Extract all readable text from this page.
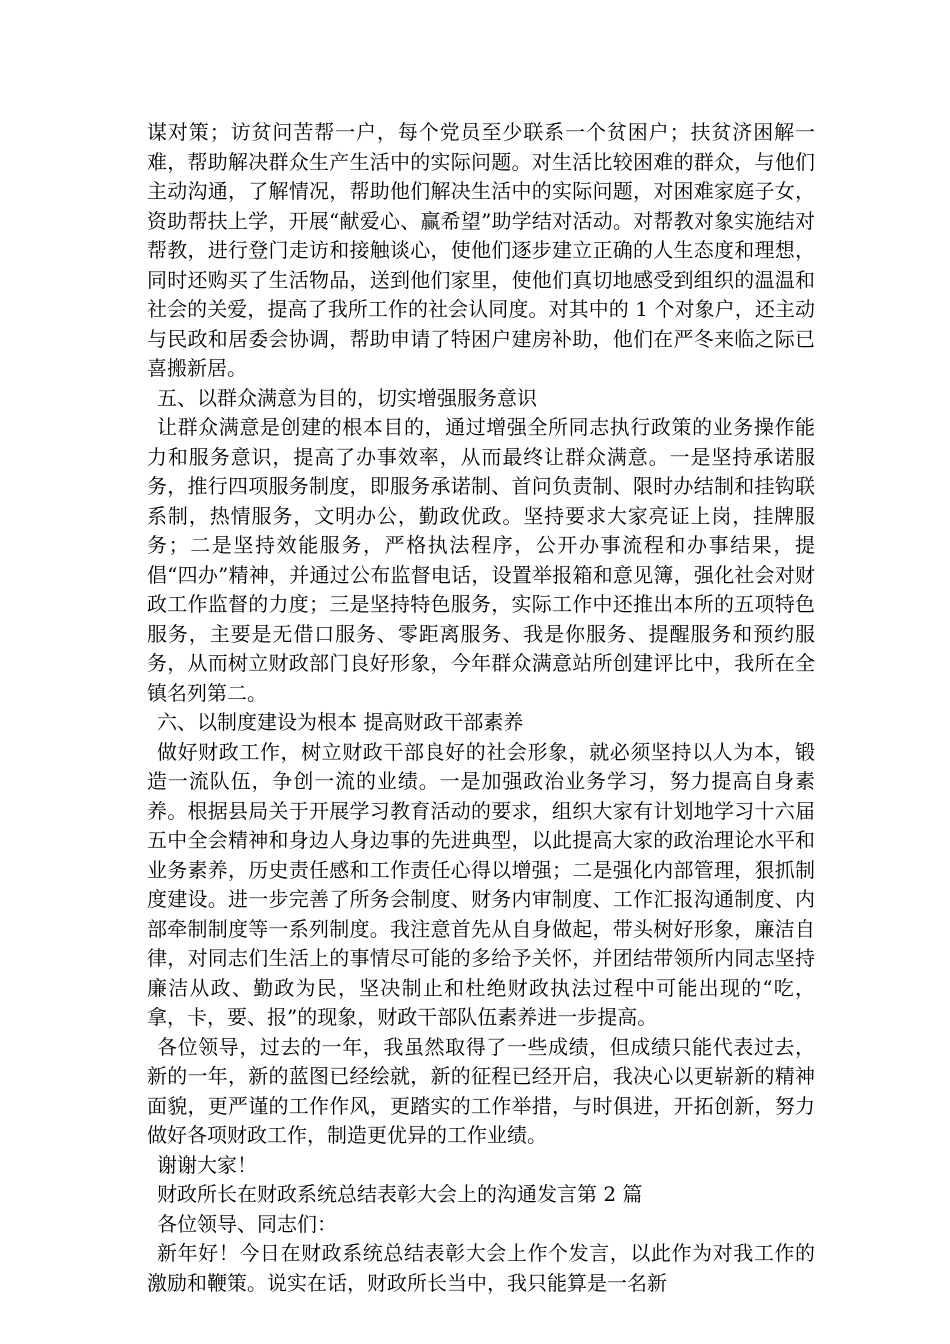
谋对策；访贫问苦帮一户，每个党员至少联系一个贫困户；扶贫济困解一难，帮助解决群众生产生活中的实际问题。对生活比较困难的群众，与他们主动沟通，了解情况，帮助他们解决生活中的实际问题，对困难家庭子女，资助帮扶上学，开展“献爱心、赢希望”助学结对活动。对帮教对象实施结对帮教，进行登门走访和接触谈心，使他们逐步建立正确的人生态度和理想，同时还购买了生活物品，送到他们家里，使他们真切地感受到组织的温温和社会的关爱，提高了我所工作的社会认同度。对其中的 1 个对象户，还主动与民政和居委会协调，帮助申请了特困户建房补助，他们在严冬来临之际已喜搬新居。

五、以群众满意为目的，切实增强服务意识

让群众满意是创建的根本目的，通过增强全所同志执行政策的业务操作能力和服务意识，提高了办事效率，从而最终让群众满意。一是坚持承诺服务，推行四项服务制度，即服务承诺制、首问负责制、限时办结制和挂钩联系制，热情服务，文明办公，勤政优政。坚持要求大家亮证上岗，挂牌服务；二是坚持效能服务，严格执法程序，公开办事流程和办事结果，提倡“四办”精神，并通过公布监督电话，设置举报箱和意见簿，强化社会对财政工作监督的力度；三是坚持特色服务，实际工作中还推出本所的五项特色服务，主要是无借口服务、零距离服务、我是你服务、提醒服务和预约服务，从而树立财政部门良好形象，今年群众满意站所创建评比中，我所在全镇名列第二。

六、以制度建设为根本 提高财政干部素养

做好财政工作，树立财政干部良好的社会形象，就必须坚持以人为本，锻造一流队伍，争创一流的业绩。一是加强政治业务学习，努力提高自身素养。根据县局关于开展学习教育活动的要求，组织大家有计划地学习十六届五中全会精神和身边人身边事的先进典型，以此提高大家的政治理论水平和业务素养，历史责任感和工作责任心得以增强；二是强化内部管理，狠抓制度建设。进一步完善了所务会制度、财务内审制度、工作汇报沟通制度、内部牵制制度等一系列制度。我注意首先从自身做起，带头树好形象，廉洁自律，对同志们生活上的事情尽可能的多给予关怀，并团结带领所内同志坚持廉洁从政、勤政为民，坚决制止和杜绝财政执法过程中可能出现的“吃，拿，卡，要、报”的现象，财政干部队伍素养进一步提高。

各位领导，过去的一年，我虽然取得了一些成绩，但成绩只能代表过去，新的一年，新的蓝图已经绘就，新的征程已经开启，我决心以更崭新的精神面貌，更严谨的工作作风，更踏实的工作举措，与时俱进，开拓创新，努力做好各项财政工作，制造更优异的工作业绩。

谢谢大家！

财政所长在财政系统总结表彰大会上的沟通发言第 2 篇

各位领导、同志们：

新年好！今日在财政系统总结表彰大会上作个发言，以此作为对我工作的激励和鞭策。说实在话，财政所长当中，我只能算是一名新
